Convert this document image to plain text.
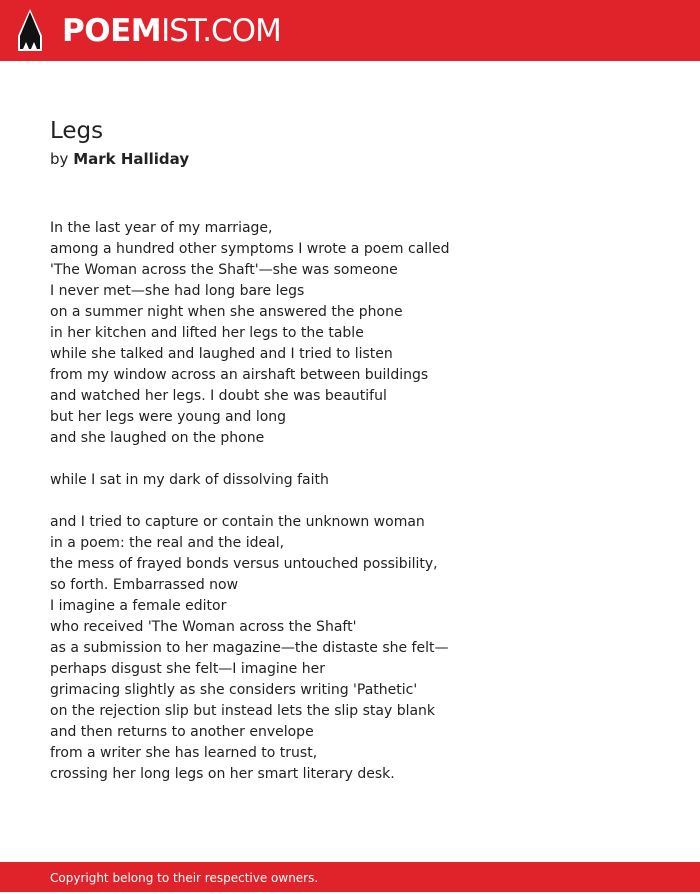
POEMIST.COM
Legs
by Mark Halliday
In the last year of my marriage,
among a hundred other symptoms I wrote a poem called
'The Woman across the Shaft'—she was someone
I never met—she had long bare legs
on a summer night when she answered the phone
in her kitchen and lifted her legs to the table
while she talked and laughed and I tried to listen
from my window across an airshaft between buildings
and watched her legs. I doubt she was beautiful
but her legs were young and long
and she laughed on the phone
while I sat in my dark of dissolving faith
and I tried to capture or contain the unknown woman
in a poem: the real and the ideal,
the mess of frayed bonds versus untouched possibility,
so forth. Embarrassed now
I imagine a female editor
who received 'The Woman across the Shaft'
as a submission to her magazine—the distaste she felt—
perhaps disgust she felt—I imagine her
grimacing slightly as she considers writing 'Pathetic'
on the rejection slip but instead lets the slip stay blank
and then returns to another envelope
from a writer she has learned to trust,
crossing her long legs on her smart literary desk.
Copyright belong to their respective owners.
